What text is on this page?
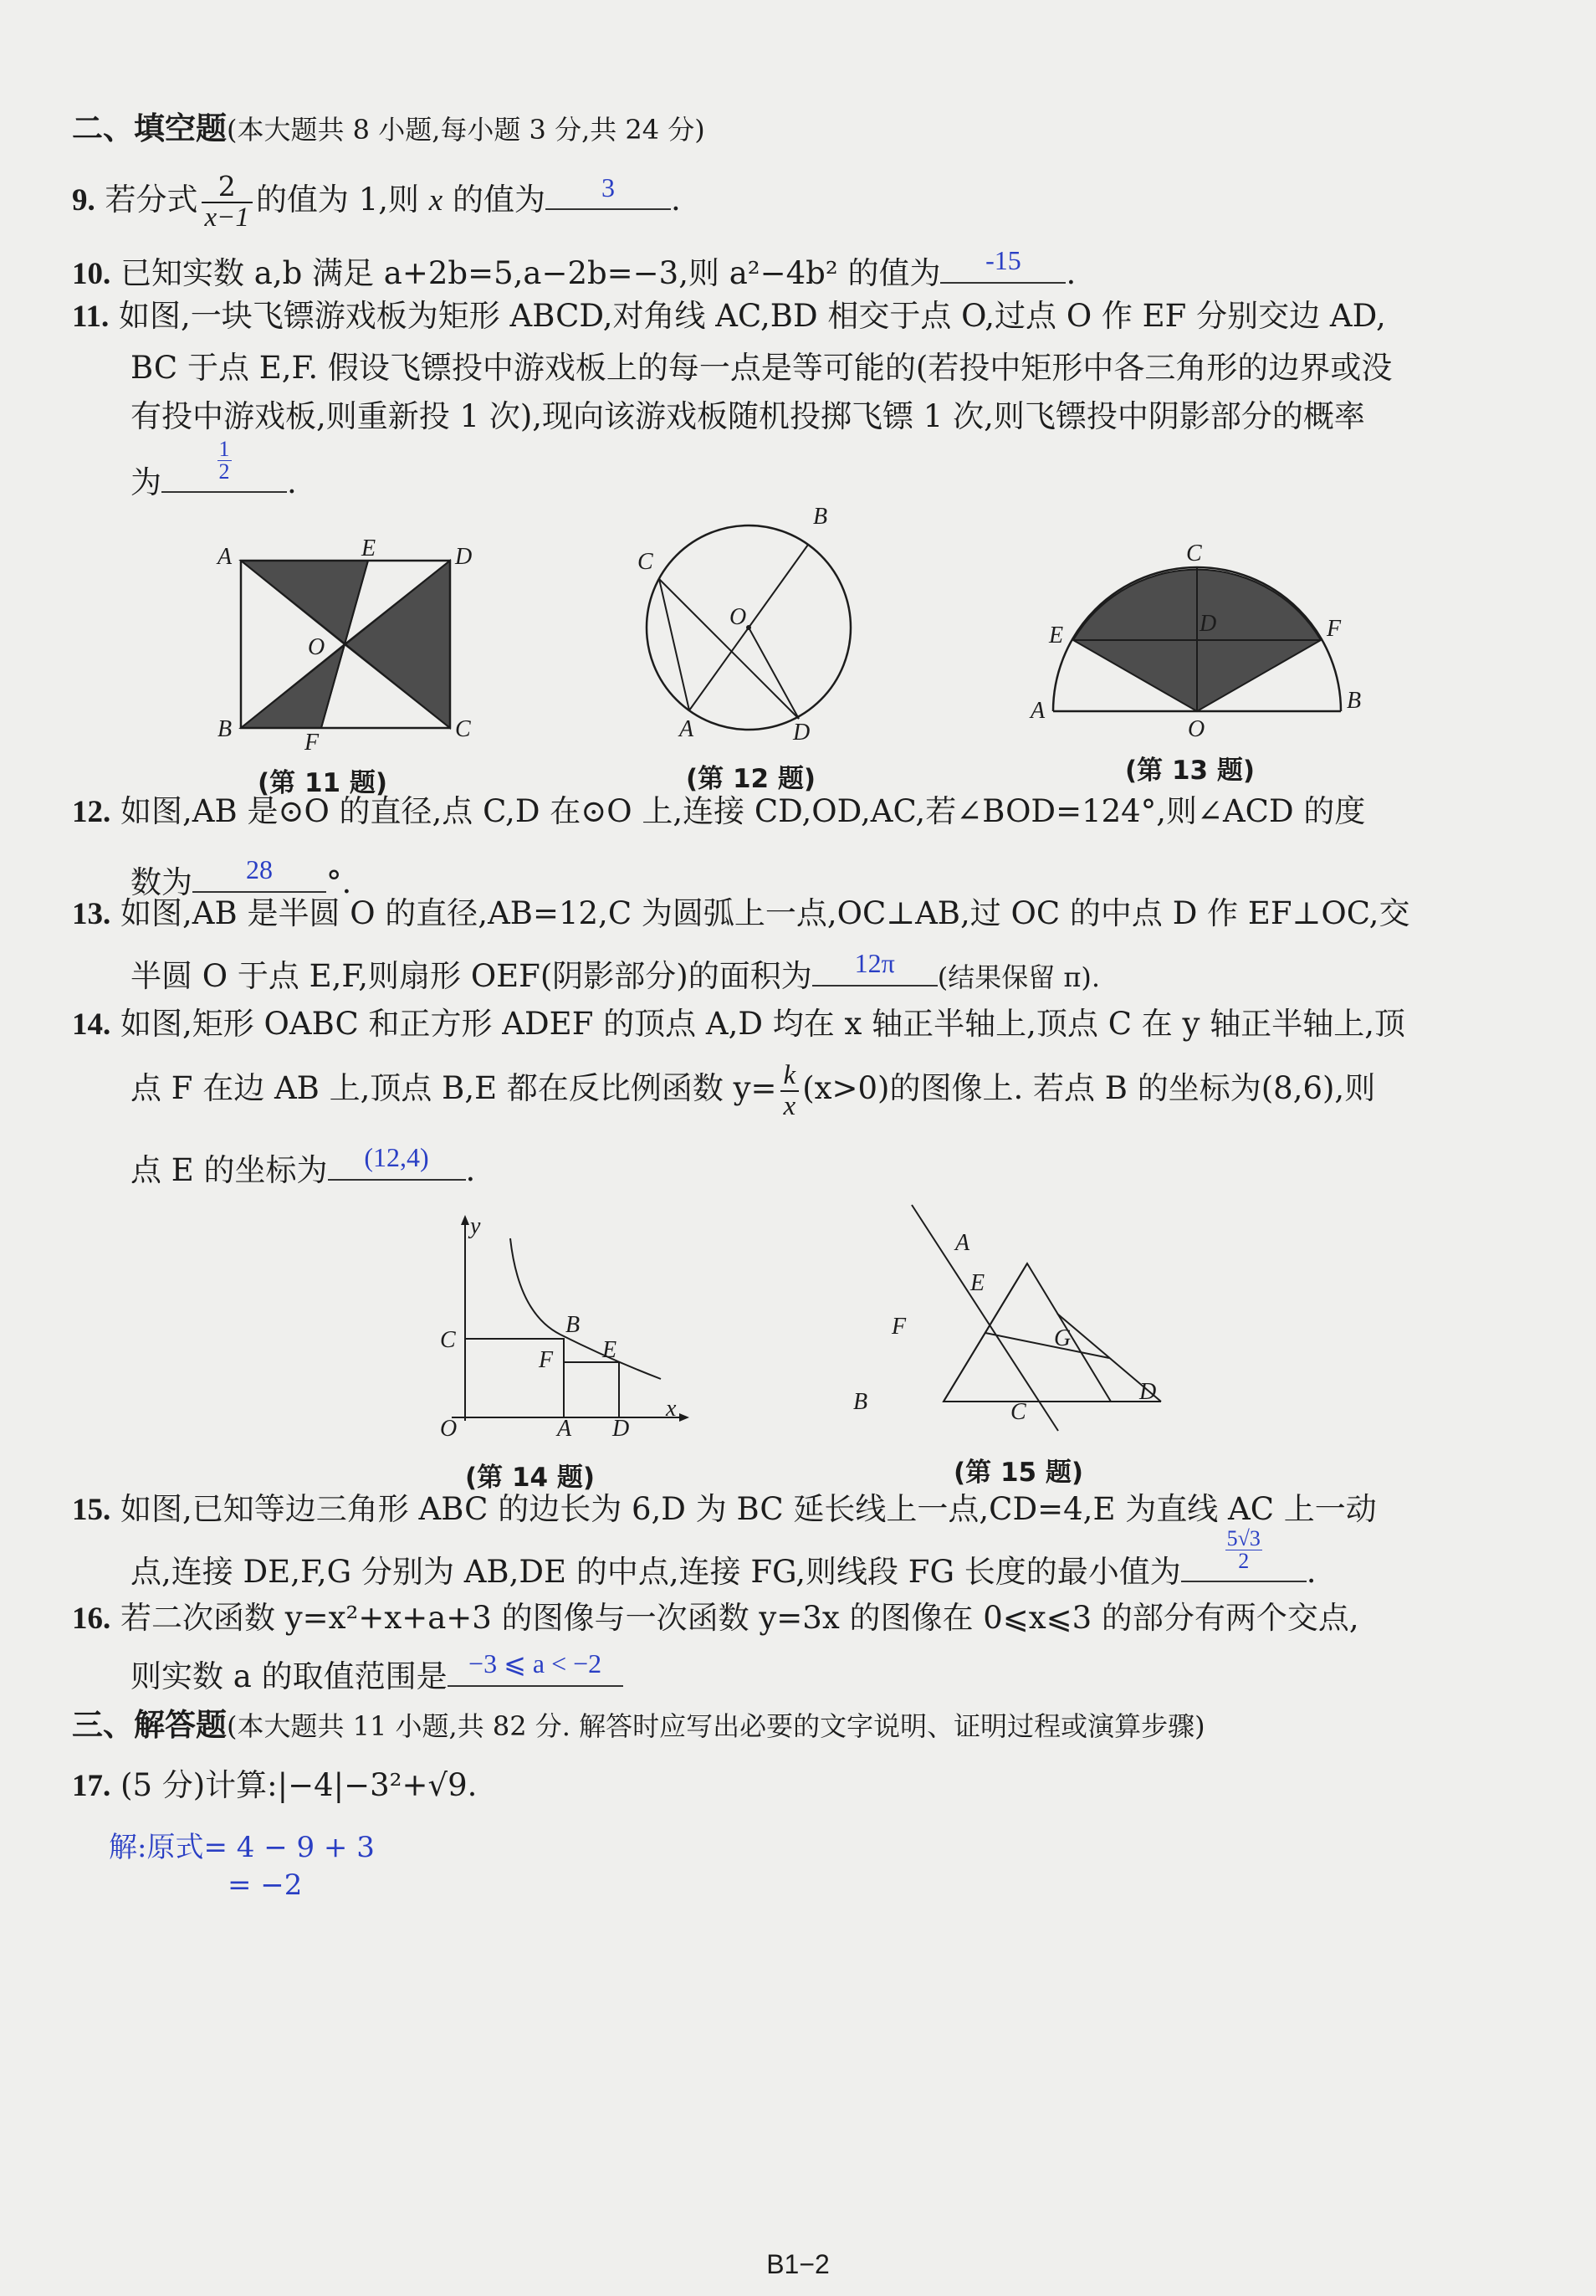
二、填空题(本大题共 8 小题,每小题 3 分,共 24 分)
9. 若分式 $\frac{2}{x-1}$ 的值为 1,则 x 的值为	3	.
10. 已知实数 a,b 满足 a+2b=5,a−2b=−3,则 a²−4b² 的值为	-15	.
11. 如图,一块飞镖游戏板为矩形 ABCD,对角线 AC,BD 相交于点 O,过点 O 作 EF 分别交边 AD,
BC 于点 E,F. 假设飞镖投中游戏板上的每一点是等可能的(若投中矩形中各三角形的边界或没
有投中游戏板,则重新投 1 次),现向该游戏板随机投掷飞镖 1 次,则飞镖投中阴影部分的概率
为	$\frac{1}{2}$ .
A	E	D
O
B
F
C
(第 11 题)
B
C
O
A	D
(第 12 题)
C
E	D	F
A
O
B
(第 13 题)
12. 如图,AB 是⊙O 的直径,点 C,D 在⊙O 上,连接 CD,OD,AC,若∠BOD=124°,则∠ACD 的度
数为	28	°.
13. 如图,AB 是半圆 O 的直径,AB=12,C 为圆弧上一点,OC⊥AB,过 OC 的中点 D 作 EF⊥OC,交
半圆 O 于点 E,F,则扇形 OEF(阴影部分)的面积为	12π	(结果保留 π).
14. 如图,矩形 OABC 和正方形 ADEF 的顶点 A,D 均在 x 轴正半轴上,顶点 C 在 y 轴正半轴上,顶
点 F 在边 AB 上,顶点 B,E 都在反比例函数 $y= \frac{k}{x} (x>0)$的图像上. 若点 B 的坐标为(8,6),则
点 E 的坐标为	(12,4)	.
y
C
B
E
F
O	A D
x
(第 14 题)
A
E
F	G
B	C
D
(第 15 题)
15. 如图,已知等边三角形 ABC 的边长为 6,D 为 BC 延长线上一点,CD=4,E 为直线 AC 上一动
点,连接 DE,F,G 分别为 AB,DE 的中点,连接 FG,则线段 FG 长度的最小值为 $\frac{5√3}{2}$ .
16. 若二次函数 y=x²+x+a+3 的图像与一次函数 y=3x 的图像在 0⩽x⩽3 的部分有两个交点,
则实数 a 的取值范围是 −3 ⩽ a < −2
三、解答题(本大题共 11 小题,共 82 分. 解答时应写出必要的文字说明、证明过程或演算步骤)
17. (5 分)计算:|−4|−3²+√9.
解:原式= 4 − 9 + 3
= −2
B1−2
